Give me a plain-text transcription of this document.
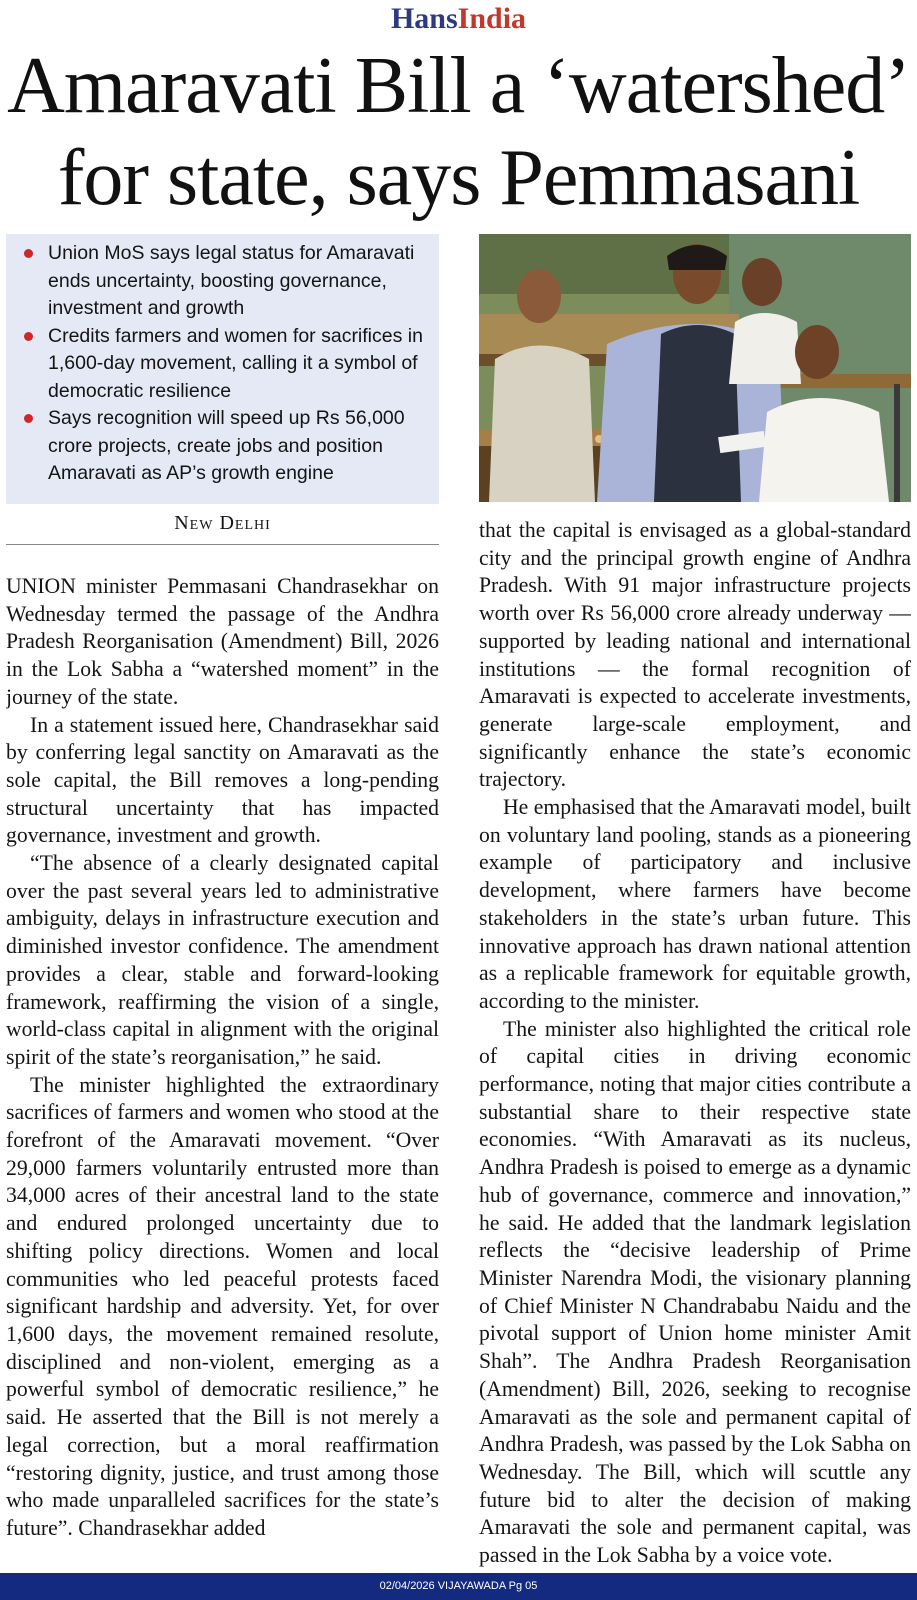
HansIndia
Amaravati Bill a ‘watershed’ for state, says Pemmasani
Union MoS says legal status for Amaravati ends uncertainty, boosting governance, investment and growth
Credits farmers and women for sacrifices in 1,600-day movement, calling it a symbol of democratic resilience
Says recognition will speed up Rs 56,000 crore projects, create jobs and position Amaravati as AP’s growth engine
New Delhi

UNION minister Pemmasani Chandrasekhar on Wednesday termed the passage of the Andhra Pradesh Reorganisation (Amendment) Bill, 2026 in the Lok Sabha a “watershed moment” in the journey of the state.

In a statement issued here, Chandrasekhar said by conferring legal sanctity on Amaravati as the sole capital, the Bill removes a long-pending structural uncertainty that has impacted governance, investment and growth.

“The absence of a clearly designated capital over the past several years led to administrative ambiguity, delays in infrastructure execution and diminished investor confidence. The amendment provides a clear, stable and forward-looking framework, reaffirming the vision of a single, world-class capital in alignment with the original spirit of the state’s reorganisation,” he said.

The minister highlighted the extraordinary sacrifices of farmers and women who stood at the forefront of the Amaravati movement. “Over 29,000 farmers voluntarily entrusted more than 34,000 acres of their ancestral land to the state and endured prolonged uncertainty due to shifting policy directions. Women and local communities who led peaceful protests faced significant hardship and adversity. Yet, for over 1,600 days, the movement remained resolute, disciplined and non-violent, emerging as a powerful symbol of democratic resilience,” he said. He asserted that the Bill is not merely a legal correction, but a moral reaffirmation “restoring dignity, justice, and trust among those who made unparalleled sacrifices for the state’s future”. Chandrasekhar added

that the capital is envisaged as a global-standard city and the principal growth engine of Andhra Pradesh. With 91 major infrastructure projects worth over Rs 56,000 crore already underway — supported by leading national and international institutions — the formal recognition of Amaravati is expected to accelerate investments, generate large-scale employment, and significantly enhance the state’s economic trajectory.

He emphasised that the Amaravati model, built on voluntary land pooling, stands as a pioneering example of participatory and inclusive development, where farmers have become stakeholders in the state’s urban future. This innovative approach has drawn national attention as a replicable framework for equitable growth, according to the minister.

The minister also highlighted the critical role of capital cities in driving economic performance, noting that major cities contribute a substantial share to their respective state economies. “With Amaravati as its nucleus, Andhra Pradesh is poised to emerge as a dynamic hub of governance, commerce and innovation,” he said. He added that the landmark legislation reflects the “decisive leadership of Prime Minister Narendra Modi, the visionary planning of Chief Minister N Chandrababu Naidu and the pivotal support of Union home minister Amit Shah”. The Andhra Pradesh Reorganisation (Amendment) Bill, 2026, seeking to recognise Amaravati as the sole and permanent capital of Andhra Pradesh, was passed by the Lok Sabha on Wednesday. The Bill, which will scuttle any future bid to alter the decision of making Amaravati the sole and permanent capital, was passed in the Lok Sabha by a voice vote.

02/04/2026 VIJAYAWADA Pg 05
